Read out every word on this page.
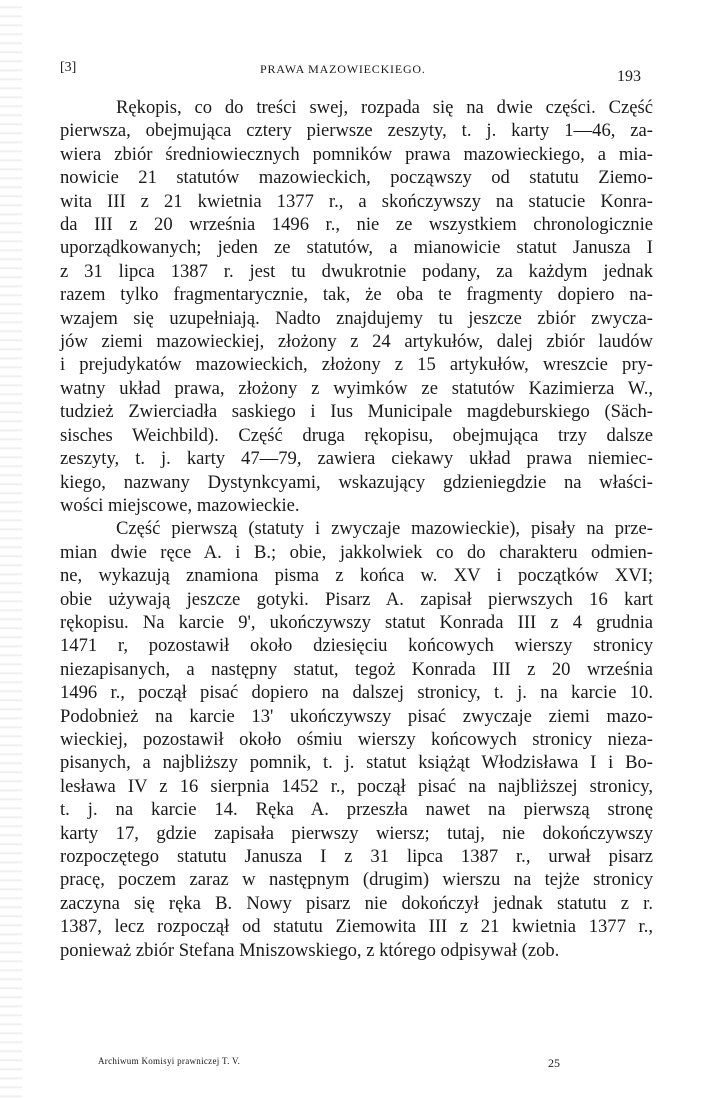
[3]	PRAWA MAZOWIECKIEGO.	193
Rękopis, co do treści swej, rozpada się na dwie części. Część
pierwsza, obejmująca cztery pierwsze zeszyty, t. j. karty 1—46, za-
wiera zbiór średniowiecznych pomników prawa mazowieckiego, a mia-
nowicie 21 statutów mazowieckich, począwszy od statutu Ziemo-
wita III z 21 kwietnia 1377 r., a skończywszy na statucie Konra-
da III z 20 września 1496 r., nie ze wszystkiem chronologicznie
uporządkowanych; jeden ze statutów, a mianowicie statut Janusza I
z 31 lipca 1387 r. jest tu dwukrotnie podany, za każdym jednak
razem tylko fragmentarycznie, tak, że oba te fragmenty dopiero na-
wzajem się uzupełniają. Nadto znajdujemy tu jeszcze zbiór zwycza-
jów ziemi mazowieckiej, złożony z 24 artykułów, dalej zbiór laudów
i prejudykatów mazowieckich, złożony z 15 artykułów, wreszcie pry-
watny układ prawa, złożony z wyimków ze statutów Kazimierza W.,
tudzież Zwierciadła saskiego i Ius Municipale magdeburskiego (Säch-
sisches Weichbild). Część druga rękopisu, obejmująca trzy dalsze
zeszyty, t. j. karty 47—79, zawiera ciekawy układ prawa niemiec-
kiego, nazwany Dystynkcyami, wskazujący gdzieniegdzie na właści-
wości miejscowe, mazowieckie.
Część pierwszą (statuty i zwyczaje mazowieckie), pisały na prze-
mian dwie ręce A. i B.; obie, jakkolwiek co do charakteru odmien-
ne, wykazują znamiona pisma z końca w. XV i początków XVI;
obie używają jeszcze gotyki. Pisarz A. zapisał pierwszych 16 kart
rękopisu. Na karcie 9', ukończywszy statut Konrada III z 4 grudnia
1471 r, pozostawił około dziesięciu końcowych wierszy stronicy
niezapisanych, a następny statut, tegoż Konrada III z 20 września
1496 r., począł pisać dopiero na dalszej stronicy, t. j. na karcie 10.
Podobnież na karcie 13' ukończywszy pisać zwyczaje ziemi mazo-
wieckiej, pozostawił około ośmiu wierszy końcowych stronicy nieza-
pisanych, a najbliższy pomnik, t. j. statut książąt Włodzisława I i Bo-
lesława IV z 16 sierpnia 1452 r., począł pisać na najbliższej stronicy,
t. j. na karcie 14. Ręka A. przeszła nawet na pierwszą stronę
karty 17, gdzie zapisała pierwszy wiersz; tutaj, nie dokończywszy
rozpoczętego statutu Janusza I z 31 lipca 1387 r., urwał pisarz
pracę, poczem zaraz w następnym (drugim) wierszu na tejże stronicy
zaczyna się ręka B. Nowy pisarz nie dokończył jednak statutu z r.
1387, lecz rozpoczął od statutu Ziemowita III z 21 kwietnia 1377 r.,
ponieważ zbiór Stefana Mniszowskiego, z którego odpisywał (zob.
Archiwum Komisyi prawniczej T. V.	25
